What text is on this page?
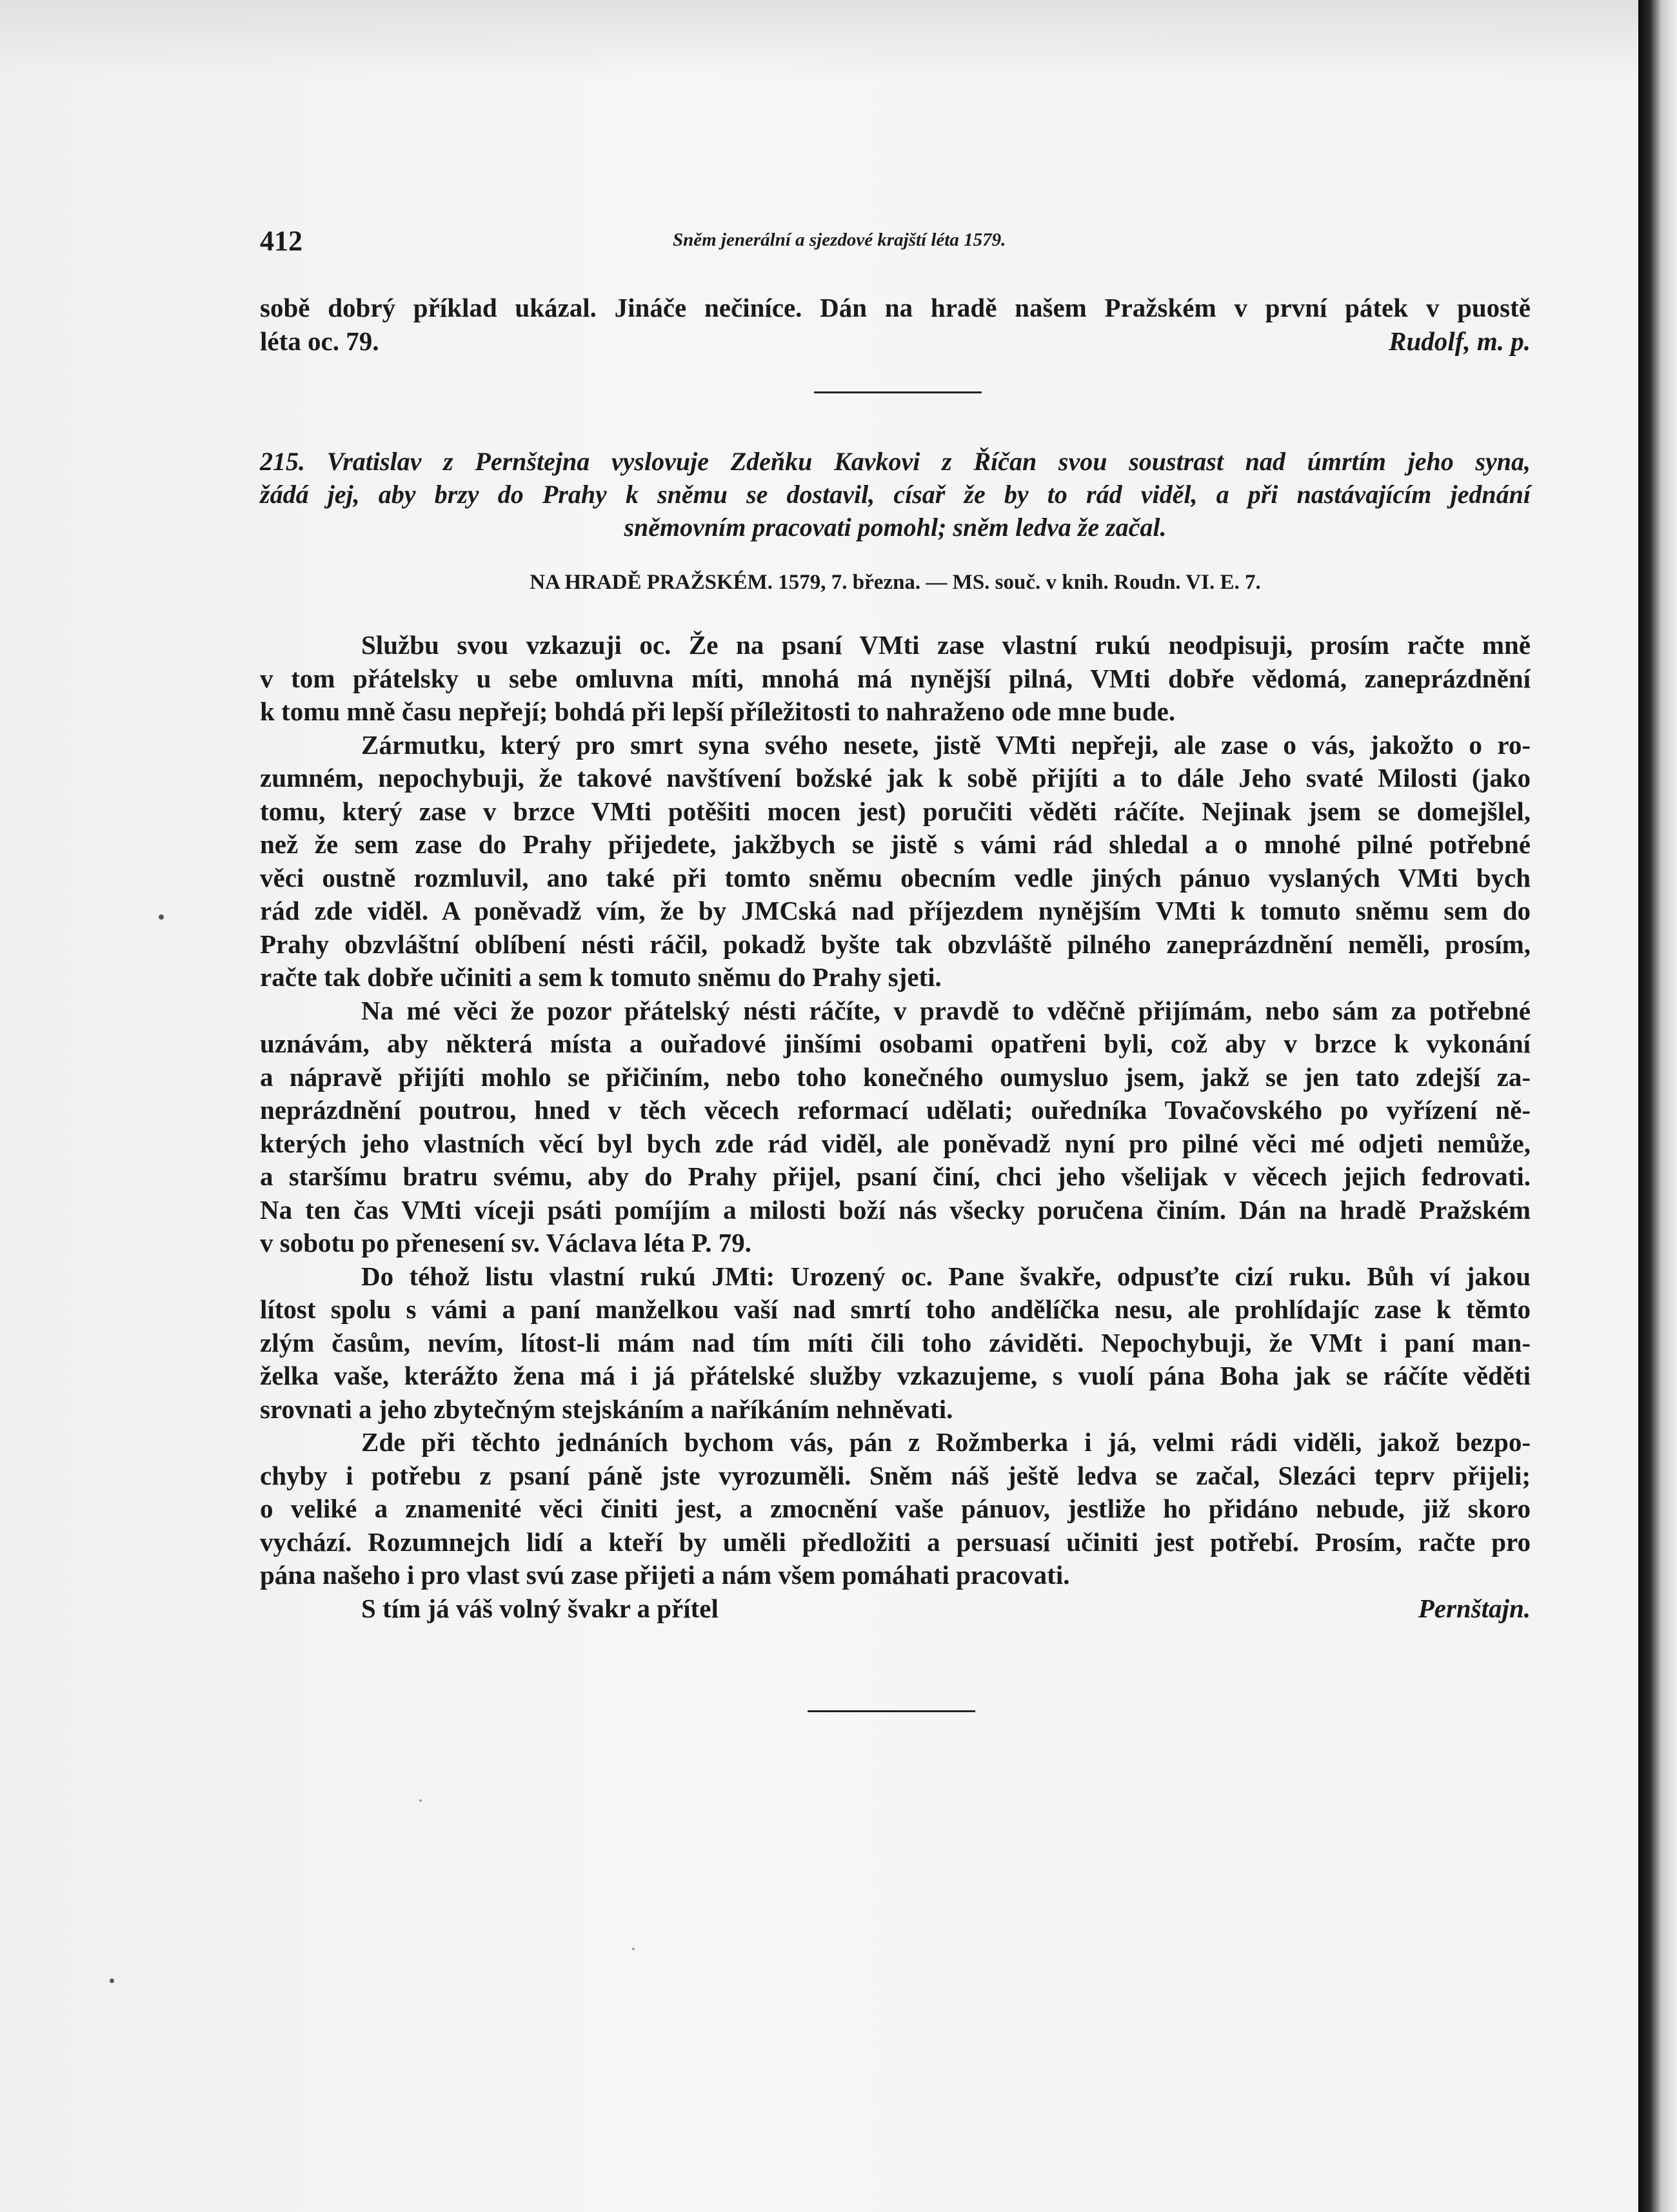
412	Sněm jenerální a sjezdové krajští léta 1579.
sobě dobrý příklad ukázal. Jináče nečiníce. Dán na hradě našem Pražském v první pátek v puostě
léta oc. 79.	Rudolf, m. p.
215. Vratislav z Pernštejna vyslovuje Zdeňku Kavkovi z Říčan svou soustrast nad úmrtím jeho syna,
žádá jej, aby brzy do Prahy k sněmu se dostavil, císař že by to rád viděl, a při nastávajícím jednání
sněmovním pracovati pomohl; sněm ledva že začal.
NA HRADĚ PRAŽSKÉM. 1579, 7. března. — MS. souč. v knih. Roudn. VI. E. 7.
Službu svou vzkazuji oc. Že na psaní VMti zase vlastní rukú neodpisuji, prosím račte mně
v tom přátelsky u sebe omluvna míti, mnohá má nynější pilná, VMti dobře vědomá, zaneprázdnění
k tomu mně času nepřejí; bohdá při lepší příležitosti to nahraženo ode mne bude.
Zármutku, který pro smrt syna svého nesete, jistě VMti nepřeji, ale zase o vás, jakožto o ro-
zumném, nepochybuji, že takové navštívení božské jak k sobě přijíti a to dále Jeho svaté Milosti (jako
tomu, který zase v brzce VMti potěšiti mocen jest) poručiti věděti ráčíte. Nejinak jsem se domejšlel,
než že sem zase do Prahy přijedete, jakžbych se jistě s vámi rád shledal a o mnohé pilné potřebné
věci oustně rozmluvil, ano také při tomto sněmu obecním vedle jiných pánuo vyslaných VMti bych
rád zde viděl. A poněvadž vím, že by JMCská nad příjezdem nynějším VMti k tomuto sněmu sem do
Prahy obzvláštní oblíbení nésti ráčil, pokadž byšte tak obzvláště pilného zaneprázdnění neměli, prosím,
račte tak dobře učiniti a sem k tomuto sněmu do Prahy sjeti.
Na mé věci že pozor přátelský nésti ráčíte, v pravdě to vděčně přijímám, nebo sám za potřebné
uznávám, aby některá místa a ouřadové jinšími osobami opatřeni byli, což aby v brzce k vykonání
a nápravě přijíti mohlo se přičiním, nebo toho konečného oumysluo jsem, jakž se jen tato zdejší za-
neprázdnění poutrou, hned v těch věcech reformací udělati; ouředníka Tovačovského po vyřízení ně-
kterých jeho vlastních věcí byl bych zde rád viděl, ale poněvadž nyní pro pilné věci mé odjeti nemůže,
a staršímu bratru svému, aby do Prahy přijel, psaní činí, chci jeho všelijak v věcech jejich fedrovati.
Na ten čas VMti víceji psáti pomíjím a milosti boží nás všecky poručena činím. Dán na hradě Pražském
v sobotu po přenesení sv. Václava léta P. 79.
Do téhož listu vlastní rukú JMti: Urozený oc. Pane švakře, odpusťte cizí ruku. Bůh ví jakou
lítost spolu s vámi a paní manželkou vaší nad smrtí toho andělíčka nesu, ale prohlídajíc zase k těmto
zlým časům, nevím, lítost-li mám nad tím míti čili toho záviděti. Nepochybuji, že VMt i paní man-
želka vaše, kterážto žena má i já přátelské služby vzkazujeme, s vuolí pána Boha jak se ráčíte věděti
srovnati a jeho zbytečným stejskáním a naříkáním nehněvati.
Zde při těchto jednáních bychom vás, pán z Rožmberka i já, velmi rádi viděli, jakož bezpo-
chyby i potřebu z psaní páně jste vyrozuměli. Sněm náš ještě ledva se začal, Slezáci teprv přijeli;
o veliké a znamenité věci činiti jest, a zmocnění vaše pánuov, jestliže ho přidáno nebude, již skoro
vychází. Rozumnejch lidí a kteří by uměli předložiti a persuasí učiniti jest potřebí. Prosím, račte pro
pána našeho i pro vlast svú zase přijeti a nám všem pomáhati pracovati.
S tím já váš volný švakr a přítel	Pernštajn.
